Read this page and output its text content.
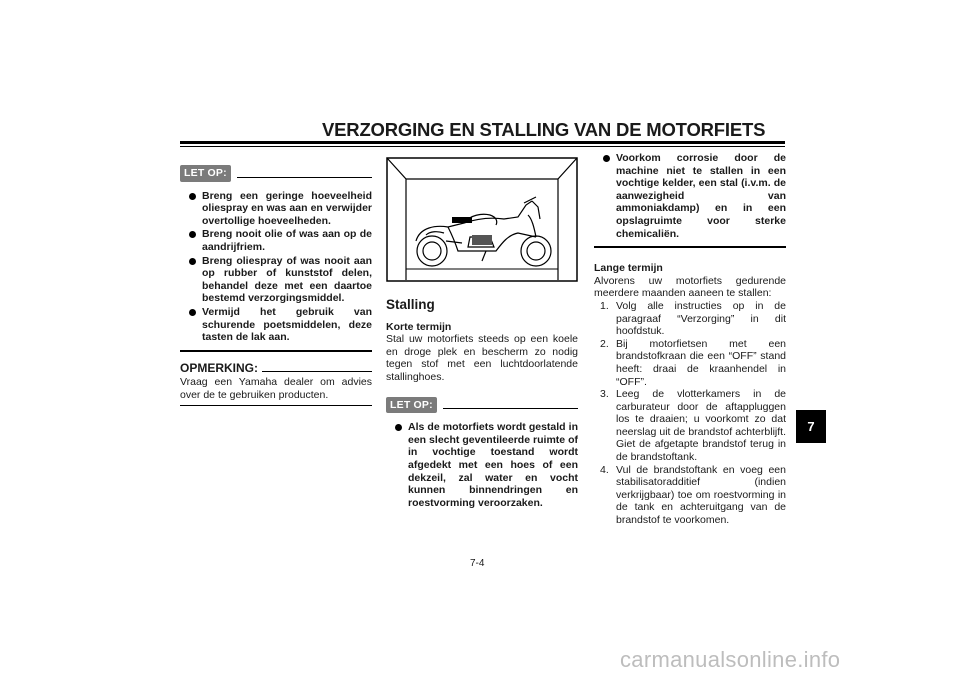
VERZORGING EN STALLING VAN DE MOTORFIETS
LET OP:
Breng een geringe hoeveelheid oliespray en was aan en verwijder overtollige hoeveelheden.
Breng nooit olie of was aan op de aandrijfriem.
Breng oliespray of was nooit aan op rubber of kunststof delen, behandel deze met een daartoe bestemd verzorgingsmiddel.
Vermijd het gebruik van schurende poetsmiddelen, deze tasten de lak aan.
OPMERKING:
Vraag een Yamaha dealer om advies over de te gebruiken producten.
Stalling
Korte termijn
Stal uw motorfiets steeds op een koele en droge plek en bescherm zo nodig tegen stof met een luchtdoorlatende stallinghoes.
LET OP:
Als de motorfiets wordt gestald in een slecht geventileerde ruimte of in vochtige toestand wordt afgedekt met een hoes of een dekzeil, zal water en vocht kunnen binnendringen en roestvorming veroorzaken.
Voorkom corrosie door de machine niet te stallen in een vochtige kelder, een stal (i.v.m. de aanwezigheid van ammoniakdamp) en in een opslagruimte voor sterke chemicaliën.
Lange termijn
Alvorens uw motorfiets gedurende meerdere maanden aaneen te stallen:
1. Volg alle instructies op in de paragraaf “Verzorging” in dit hoofdstuk.
2. Bij motorfietsen met een brandstofkraan die een “OFF” stand heeft: draai de kraanhendel in “OFF”.
3. Leeg de vlotterkamers in de carburateur door de aftappluggen los te draaien; u voorkomt zo dat neerslag uit de brandstof achterblijft. Giet de afgetapte brandstof terug in de brandstoftank.
4. Vul de brandstoftank en voeg een stabilisatoradditief (indien verkrijgbaar) toe om roestvorming in de tank en achteruitgang van de brandstof te voorkomen.
7
7-4
carmanualsonline.info
